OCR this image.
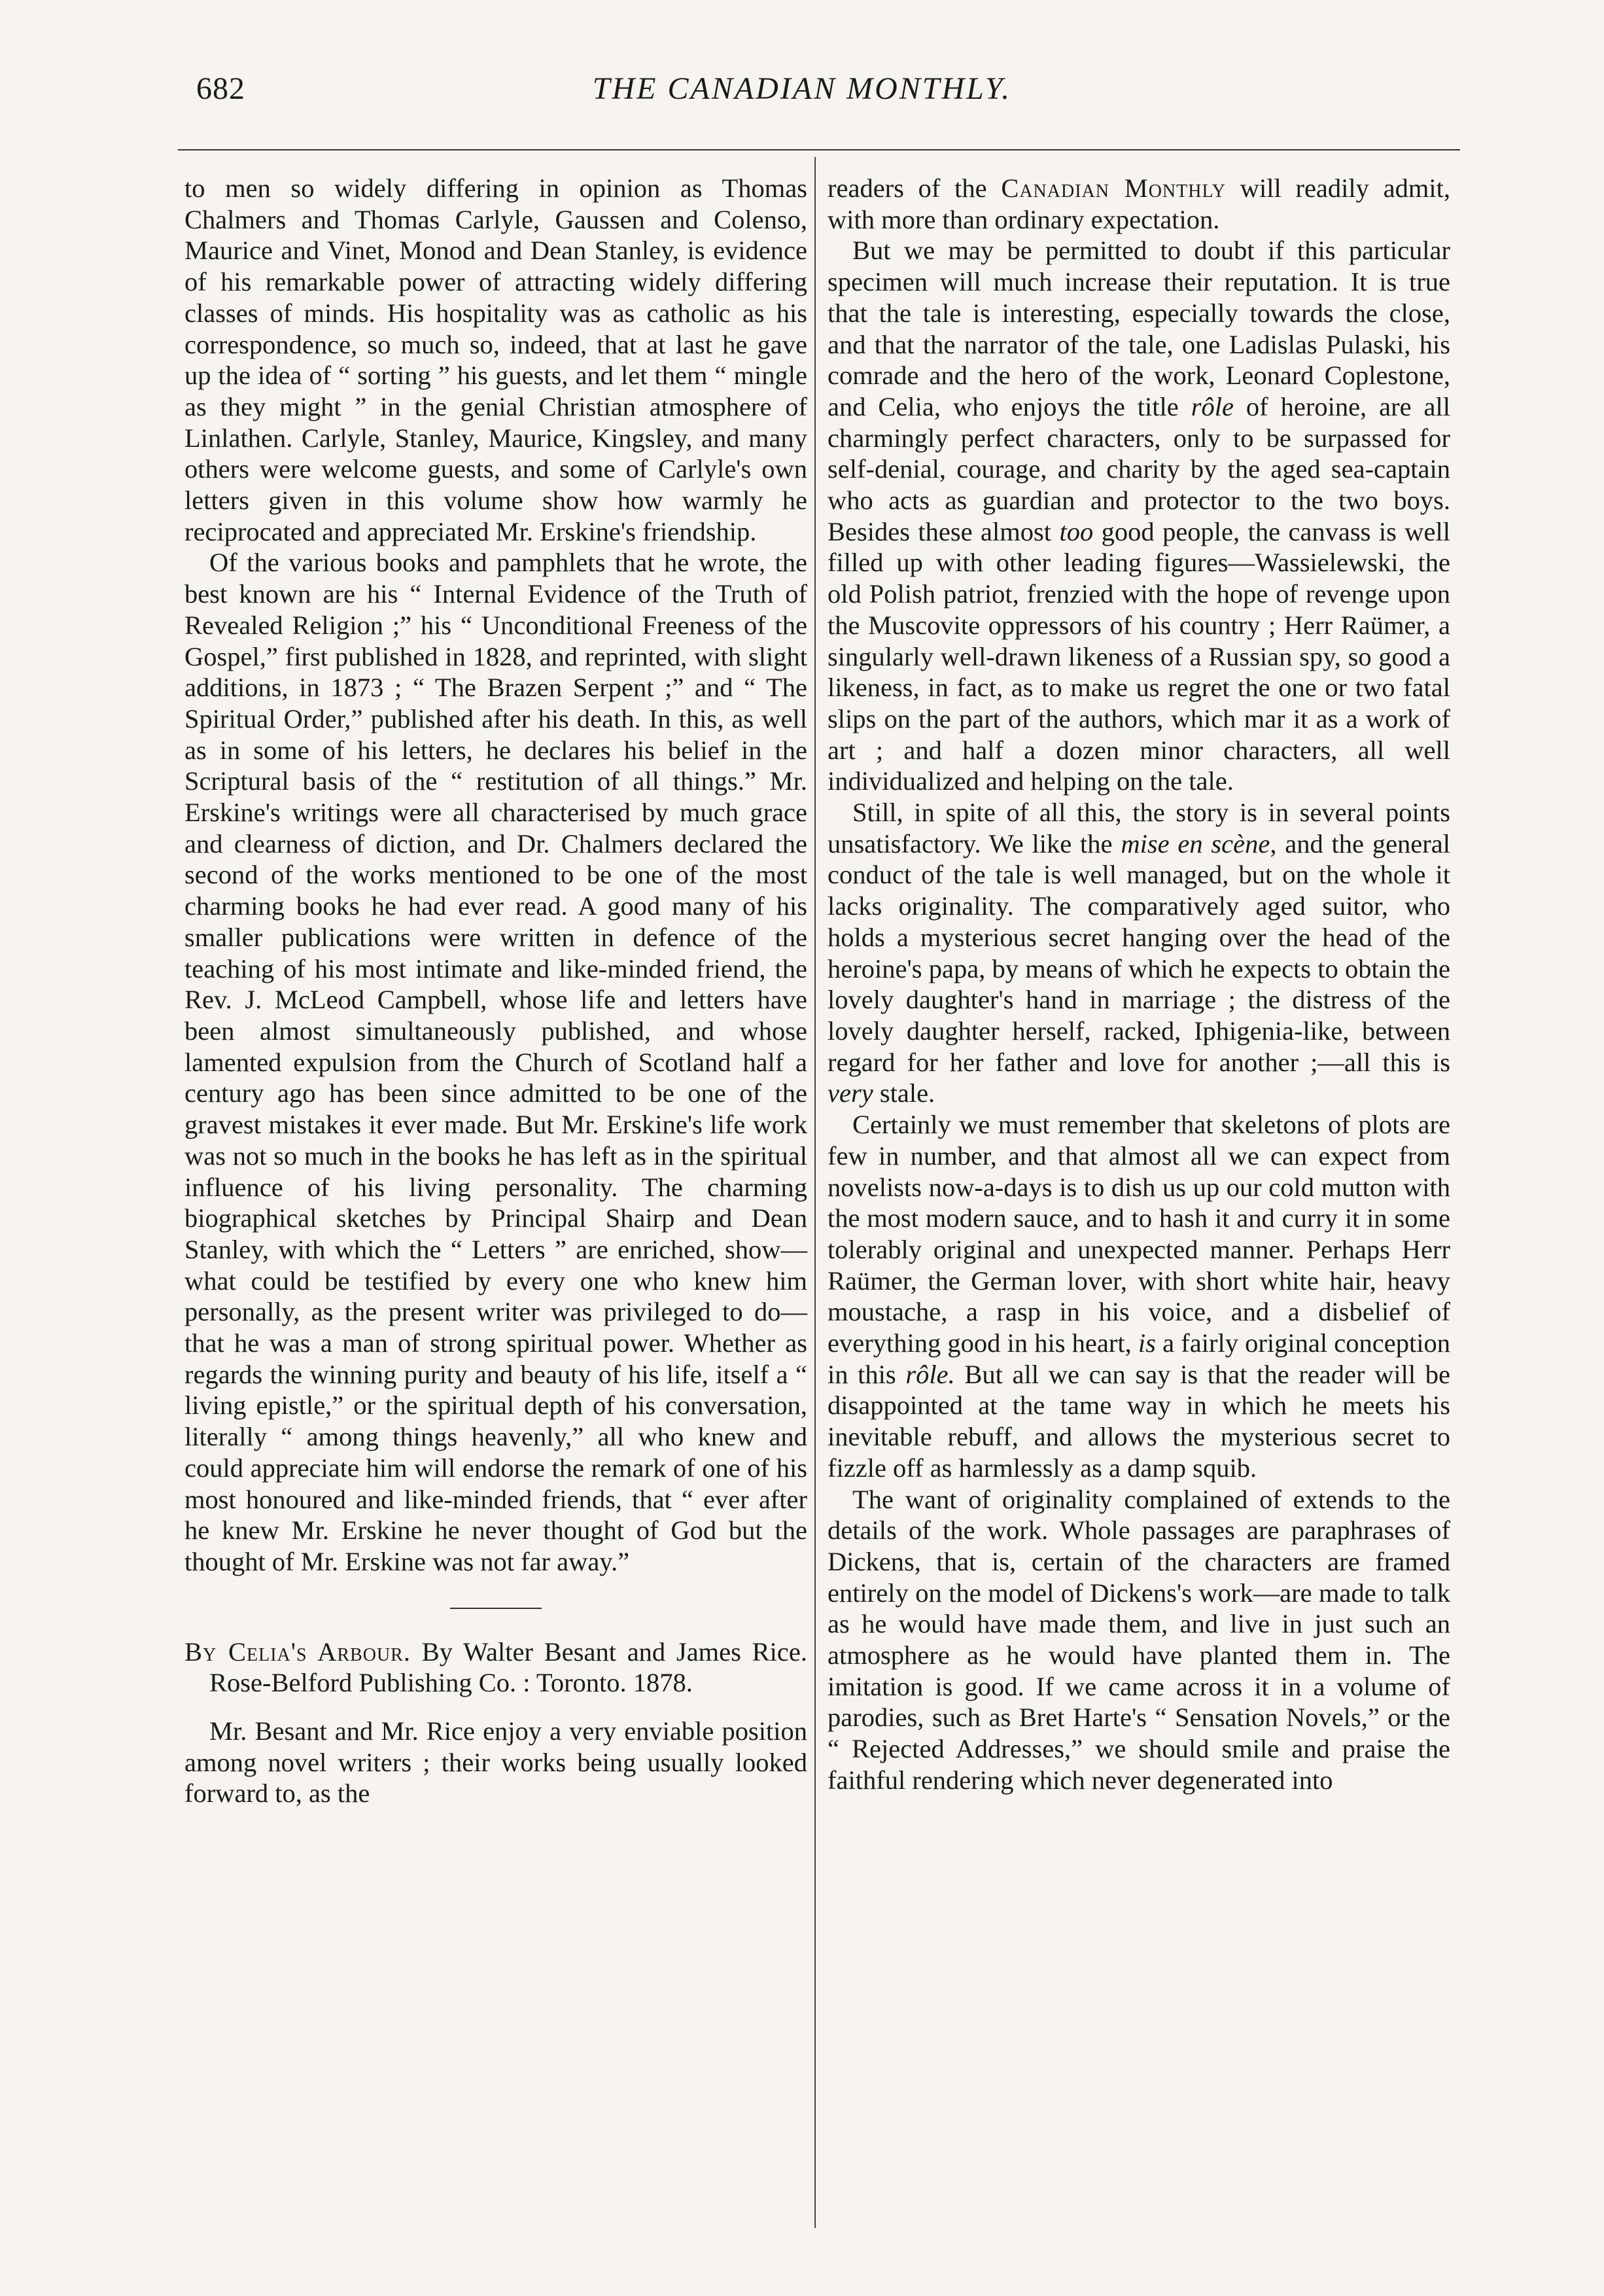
682	THE CANADIAN MONTHLY.

to men so widely differing in opinion as Thomas Chalmers and Thomas Carlyle, Gaussen and Colenso, Maurice and Vinet, Monod and Dean Stanley, is evidence of his remarkable power of attracting widely differing classes of minds. His hospitality was as catholic as his correspondence, so much so, indeed, that at last he gave up the idea of “ sorting ” his guests, and let them “ mingle as they might ” in the genial Christian atmosphere of Linlathen. Carlyle, Stanley, Maurice, Kingsley, and many others were welcome guests, and some of Carlyle's own letters given in this volume show how warmly he reciprocated and appreciated Mr. Erskine's friendship.

Of the various books and pamphlets that he wrote, the best known are his “ Internal Evidence of the Truth of Revealed Religion ;” his “ Unconditional Freeness of the Gospel,” first published in 1828, and reprinted, with slight additions, in 1873 ; “ The Brazen Serpent ;” and “ The Spiritual Order,” published after his death. In this, as well as in some of his letters, he declares his belief in the Scriptural basis of the “ restitution of all things.” Mr. Erskine's writings were all characterised by much grace and clearness of diction, and Dr. Chalmers declared the second of the works mentioned to be one of the most charming books he had ever read. A good many of his smaller publications were written in defence of the teaching of his most intimate and like-minded friend, the Rev. J. McLeod Campbell, whose life and letters have been almost simultaneously published, and whose lamented expulsion from the Church of Scotland half a century ago has been since admitted to be one of the gravest mistakes it ever made. But Mr. Erskine's life work was not so much in the books he has left as in the spiritual influence of his living personality. The charming biographical sketches by Principal Shairp and Dean Stanley, with which the “ Letters ” are enriched, show—what could be testified by every one who knew him personally, as the present writer was privileged to do—that he was a man of strong spiritual power. Whether as regards the winning purity and beauty of his life, itself a “ living epistle,” or the spiritual depth of his conversation, literally “ among things heavenly,” all who knew and could appreciate him will endorse the remark of one of his most honoured and like-minded friends, that “ ever after he knew Mr. Erskine he never thought of God but the thought of Mr. Erskine was not far away.”

By Celia's Arbour. By Walter Besant and James Rice. Rose-Belford Publishing Co. : Toronto. 1878.

Mr. Besant and Mr. Rice enjoy a very enviable position among novel writers ; their works being usually looked forward to, as the

readers of the Canadian Monthly will readily admit, with more than ordinary expectation.

But we may be permitted to doubt if this particular specimen will much increase their reputation. It is true that the tale is interesting, especially towards the close, and that the narrator of the tale, one Ladislas Pulaski, his comrade and the hero of the work, Leonard Coplestone, and Celia, who enjoys the title rôle of heroine, are all charmingly perfect characters, only to be surpassed for self-denial, courage, and charity by the aged sea-captain who acts as guardian and protector to the two boys. Besides these almost too good people, the canvass is well filled up with other leading figures—Wassielewski, the old Polish patriot, frenzied with the hope of revenge upon the Muscovite oppressors of his country ; Herr Raümer, a singularly well-drawn likeness of a Russian spy, so good a likeness, in fact, as to make us regret the one or two fatal slips on the part of the authors, which mar it as a work of art ; and half a dozen minor characters, all well individualized and helping on the tale.

Still, in spite of all this, the story is in several points unsatisfactory. We like the mise en scène, and the general conduct of the tale is well managed, but on the whole it lacks originality. The comparatively aged suitor, who holds a mysterious secret hanging over the head of the heroine's papa, by means of which he expects to obtain the lovely daughter's hand in marriage ; the distress of the lovely daughter herself, racked, Iphigenia-like, between regard for her father and love for another ;—all this is very stale.

Certainly we must remember that skeletons of plots are few in number, and that almost all we can expect from novelists now-a-days is to dish us up our cold mutton with the most modern sauce, and to hash it and curry it in some tolerably original and unexpected manner. Perhaps Herr Raümer, the German lover, with short white hair, heavy moustache, a rasp in his voice, and a disbelief of everything good in his heart, is a fairly original conception in this rôle. But all we can say is that the reader will be disappointed at the tame way in which he meets his inevitable rebuff, and allows the mysterious secret to fizzle off as harmlessly as a damp squib.

The want of originality complained of extends to the details of the work. Whole passages are paraphrases of Dickens, that is, certain of the characters are framed entirely on the model of Dickens's work—are made to talk as he would have made them, and live in just such an atmosphere as he would have planted them in. The imitation is good. If we came across it in a volume of parodies, such as Bret Harte's “ Sensation Novels,” or the “ Rejected Addresses,” we should smile and praise the faithful rendering which never degenerated into
